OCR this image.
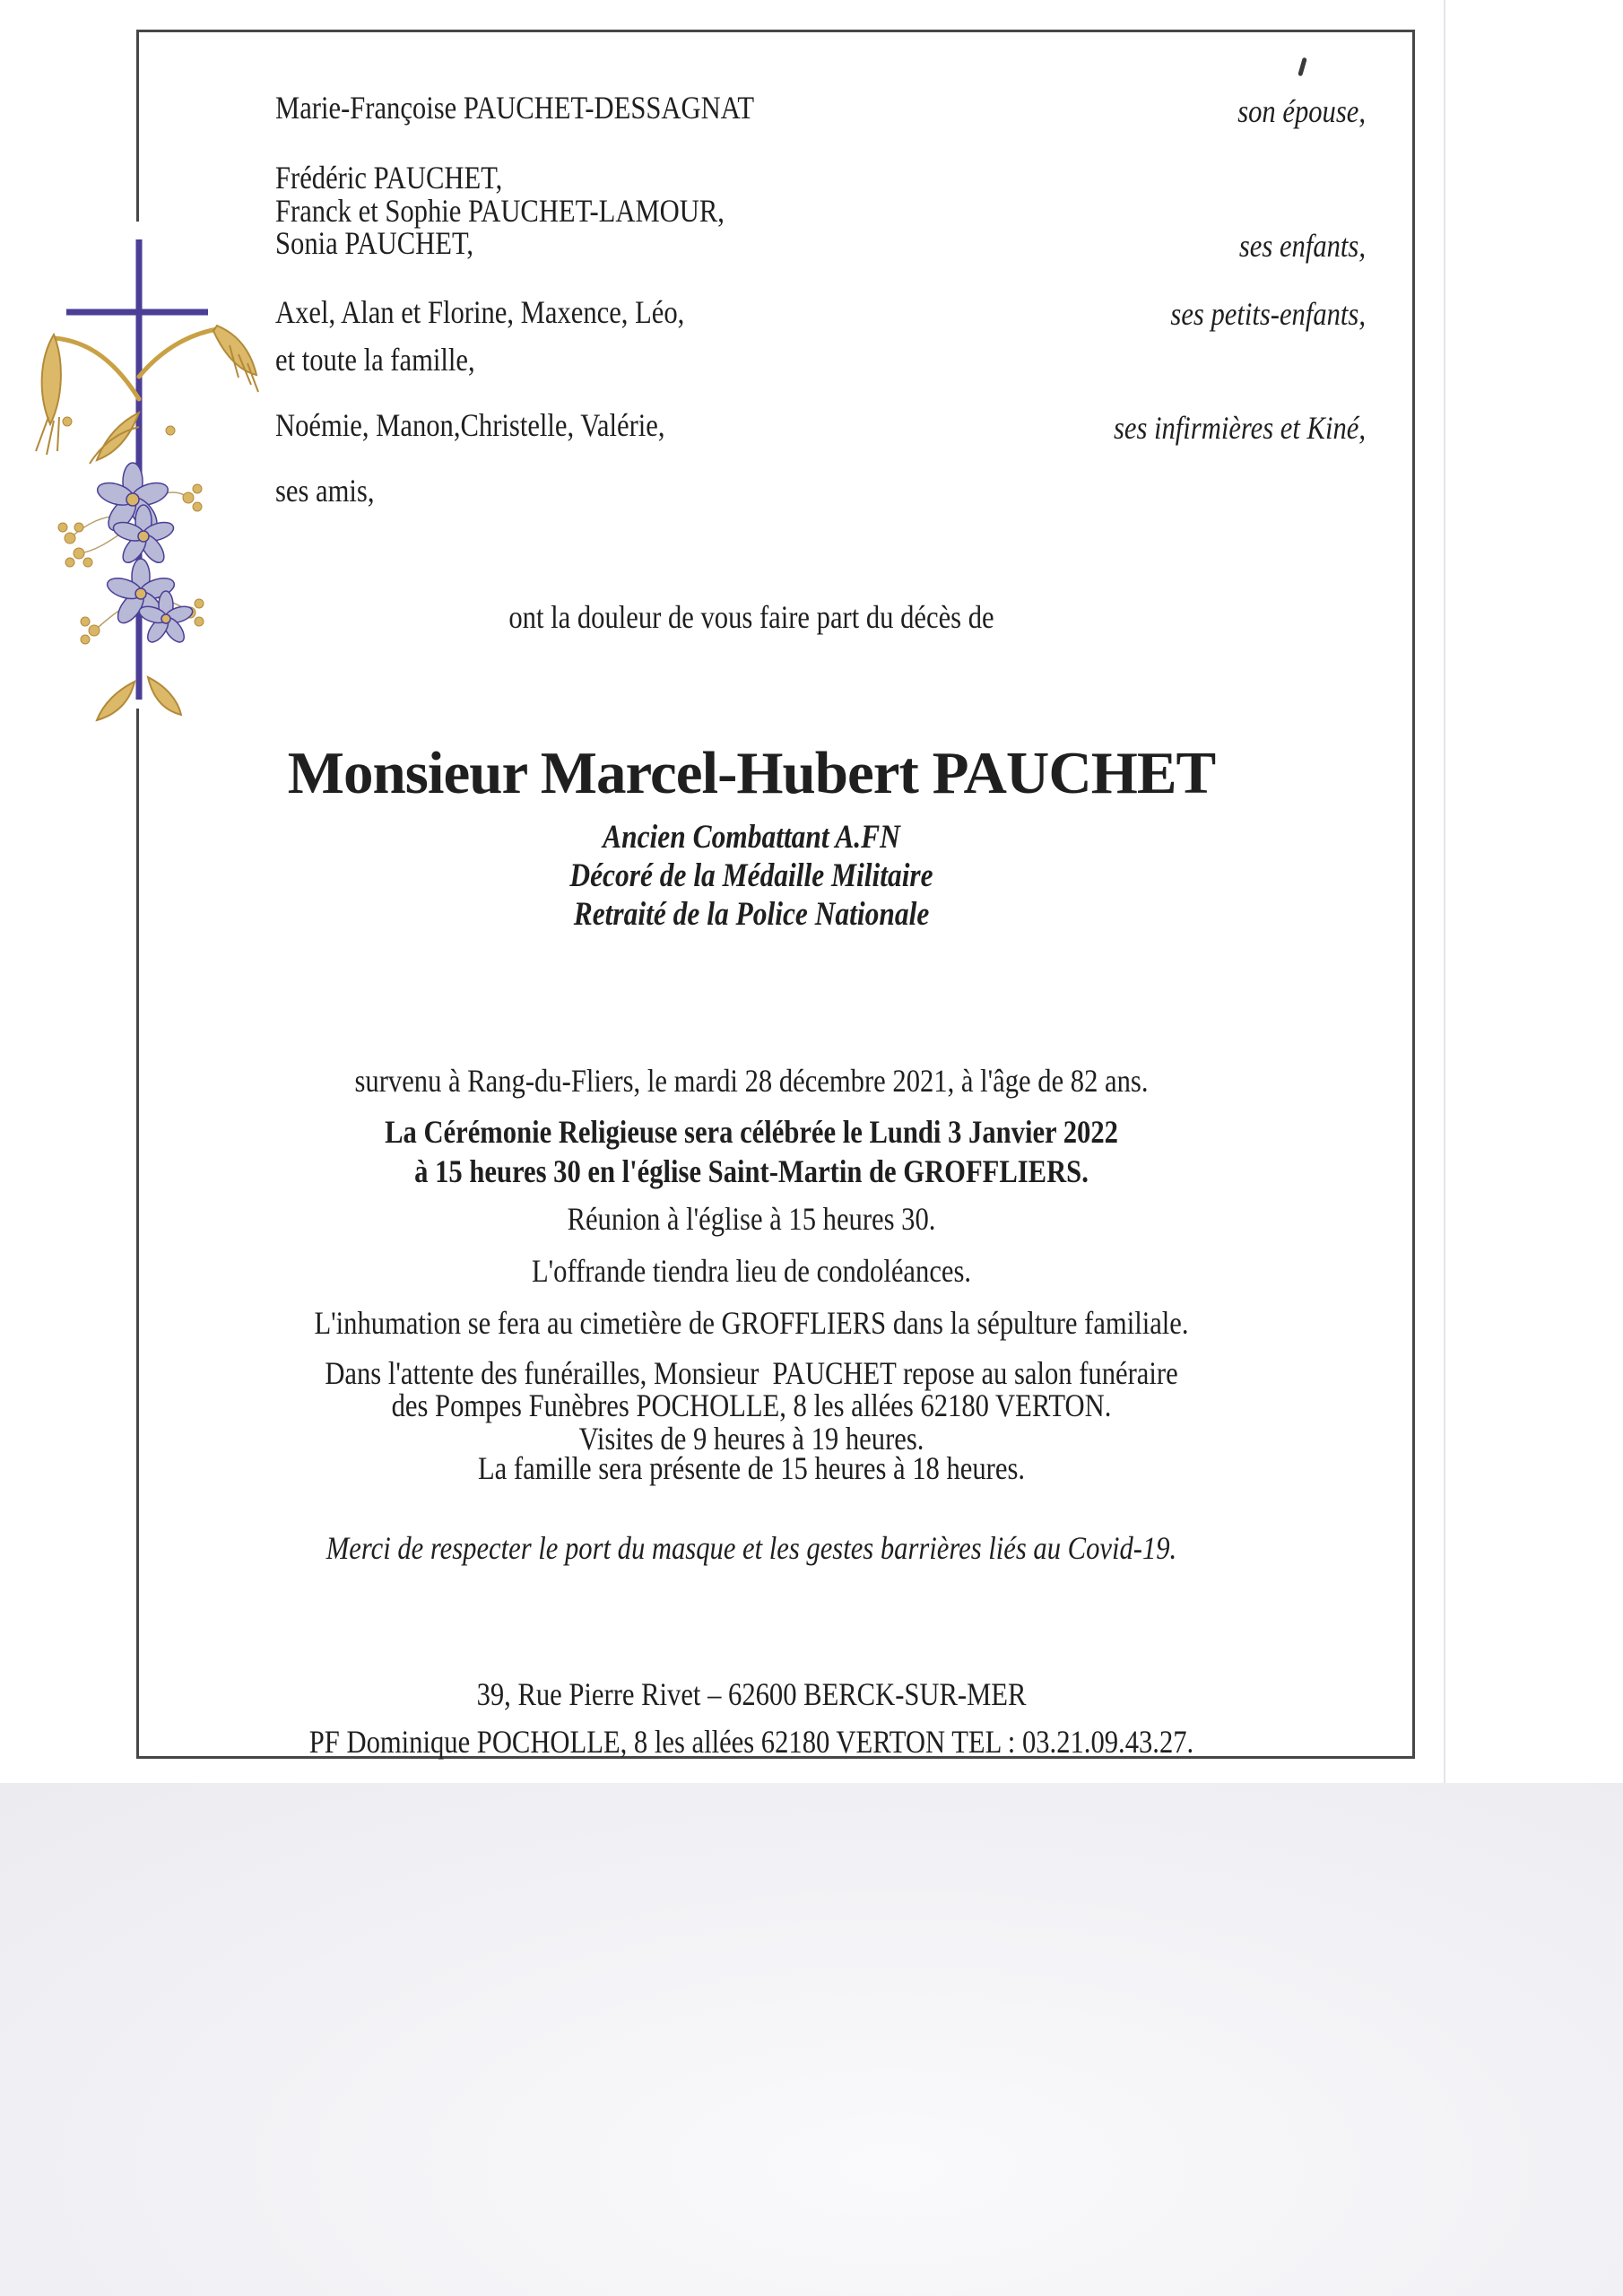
Marie-Françoise PAUCHET-DESSAGNAT
Frédéric PAUCHET,
Franck et Sophie PAUCHET-LAMOUR,
Sonia PAUCHET,
Axel, Alan et Florine, Maxence, Léo,
et toute la famille,
Noémie, Manon,Christelle, Valérie,
ses amis,
son épouse,
ses enfants,
ses petits-enfants,
ses infirmières et Kiné,
ont la douleur de vous faire part du décès de
Monsieur Marcel-Hubert PAUCHET
Ancien Combattant A.FN
Décoré de la Médaille Militaire
Retraité de la Police Nationale
survenu à Rang-du-Fliers, le mardi 28 décembre 2021, à l'âge de 82 ans.
La Cérémonie Religieuse sera célébrée le Lundi 3 Janvier 2022
à 15 heures 30 en l'église Saint-Martin de GROFFLIERS.
Réunion à l'église à 15 heures 30.
L'offrande tiendra lieu de condoléances.
L'inhumation se fera au cimetière de GROFFLIERS dans la sépulture familiale.
Dans l'attente des funérailles, Monsieur  PAUCHET repose au salon funéraire
des Pompes Funèbres POCHOLLE, 8 les allées 62180 VERTON.
Visites de 9 heures à 19 heures.
La famille sera présente de 15 heures à 18 heures.
Merci de respecter le port du masque et les gestes barrières liés au Covid-19.
39, Rue Pierre Rivet – 62600 BERCK-SUR-MER
PF Dominique POCHOLLE, 8 les allées 62180 VERTON TEL : 03.21.09.43.27.
